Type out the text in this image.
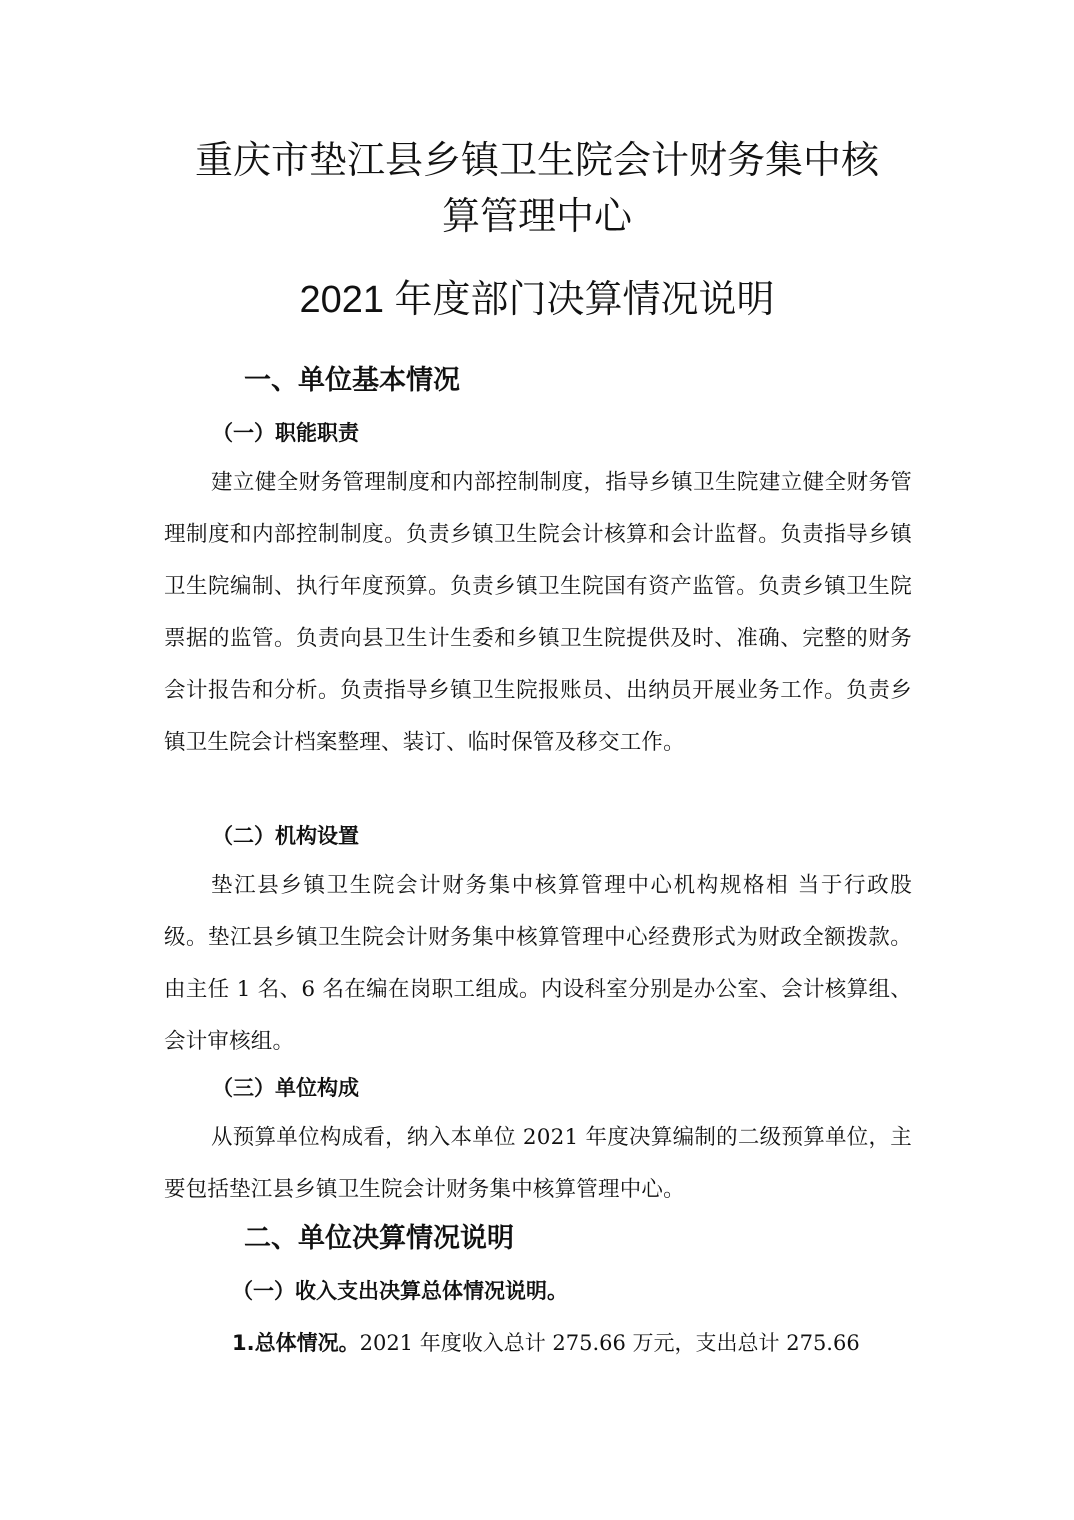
重庆市垫江县乡镇卫生院会计财务集中核
算管理中心
2021 年度部门决算情况说明
一、单位基本情况
（一）职能职责

建立健全财务管理制度和内部控制制度，指导乡镇卫生院建立健全财务管理制度和内部控制制度。负责乡镇卫生院会计核算和会计监督。负责指导乡镇卫生院编制、执行年度预算。负责乡镇卫生院国有资产监管。负责乡镇卫生院票据的监管。负责向县卫生计生委和乡镇卫生院提供及时、准确、完整的财务会计报告和分析。负责指导乡镇卫生院报账员、出纳员开展业务工作。负责乡镇卫生院会计档案整理、装订、临时保管及移交工作。

（二）机构设置

垫江县乡镇卫生院会计财务集中核算管理中心机构规格相 当于行政股级。垫江县乡镇卫生院会计财务集中核算管理中心经费形式为财政全额拨款。由主任 1 名、6 名在编在岗职工组成。内设科室分别是办公室、会计核算组、会计审核组。

（三）单位构成

从预算单位构成看，纳入本单位 2021 年度决算编制的二级预算单位，主要包括垫江县乡镇卫生院会计财务集中核算管理中心。

二、单位决算情况说明
（一）收入支出决算总体情况说明。

1.总体情况。2021 年度收入总计 275.66 万元，支出总计 275.66
